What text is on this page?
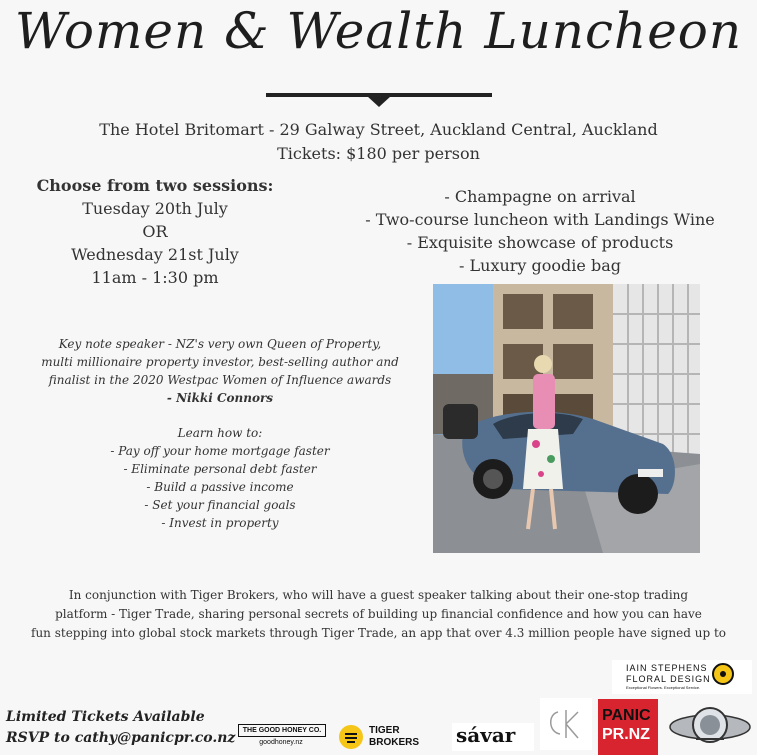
Women & Wealth Luncheon
The Hotel Britomart - 29 Galway Street, Auckland Central, Auckland
Tickets: $180 per person
Choose from two sessions:
Tuesday 20th July
OR
Wednesday 21st July
11am - 1:30 pm
- Champagne on arrival
- Two-course luncheon with Landings Wine
- Exquisite showcase of products
- Luxury goodie bag
Key note speaker - NZ's very own Queen of Property,
multi millionaire property investor, best-selling author and
finalist in the 2020 Westpac Women of Influence awards
- Nikki Connors
Learn how to:
- Pay off your home mortgage faster
- Eliminate personal debt faster
- Build a passive income
- Set your financial goals
- Invest in property
In conjunction with Tiger Brokers, who will have a guest speaker talking about their one-stop trading
platform - Tiger Trade, sharing personal secrets of building up financial confidence and how you can have
fun stepping into global stock markets through Tiger Trade, an app that over 4.3 million people have signed up to
Limited Tickets Available
RSVP to cathy@panicpr.co.nz
IAIN STEPHENS
FLORAL DESIGN
Exceptional Flowers. Exceptional Service.
THE GOOD HONEY CO.
goodhoney.nz
TIGER
BROKERS sávar
PANIC
PR.NZ
